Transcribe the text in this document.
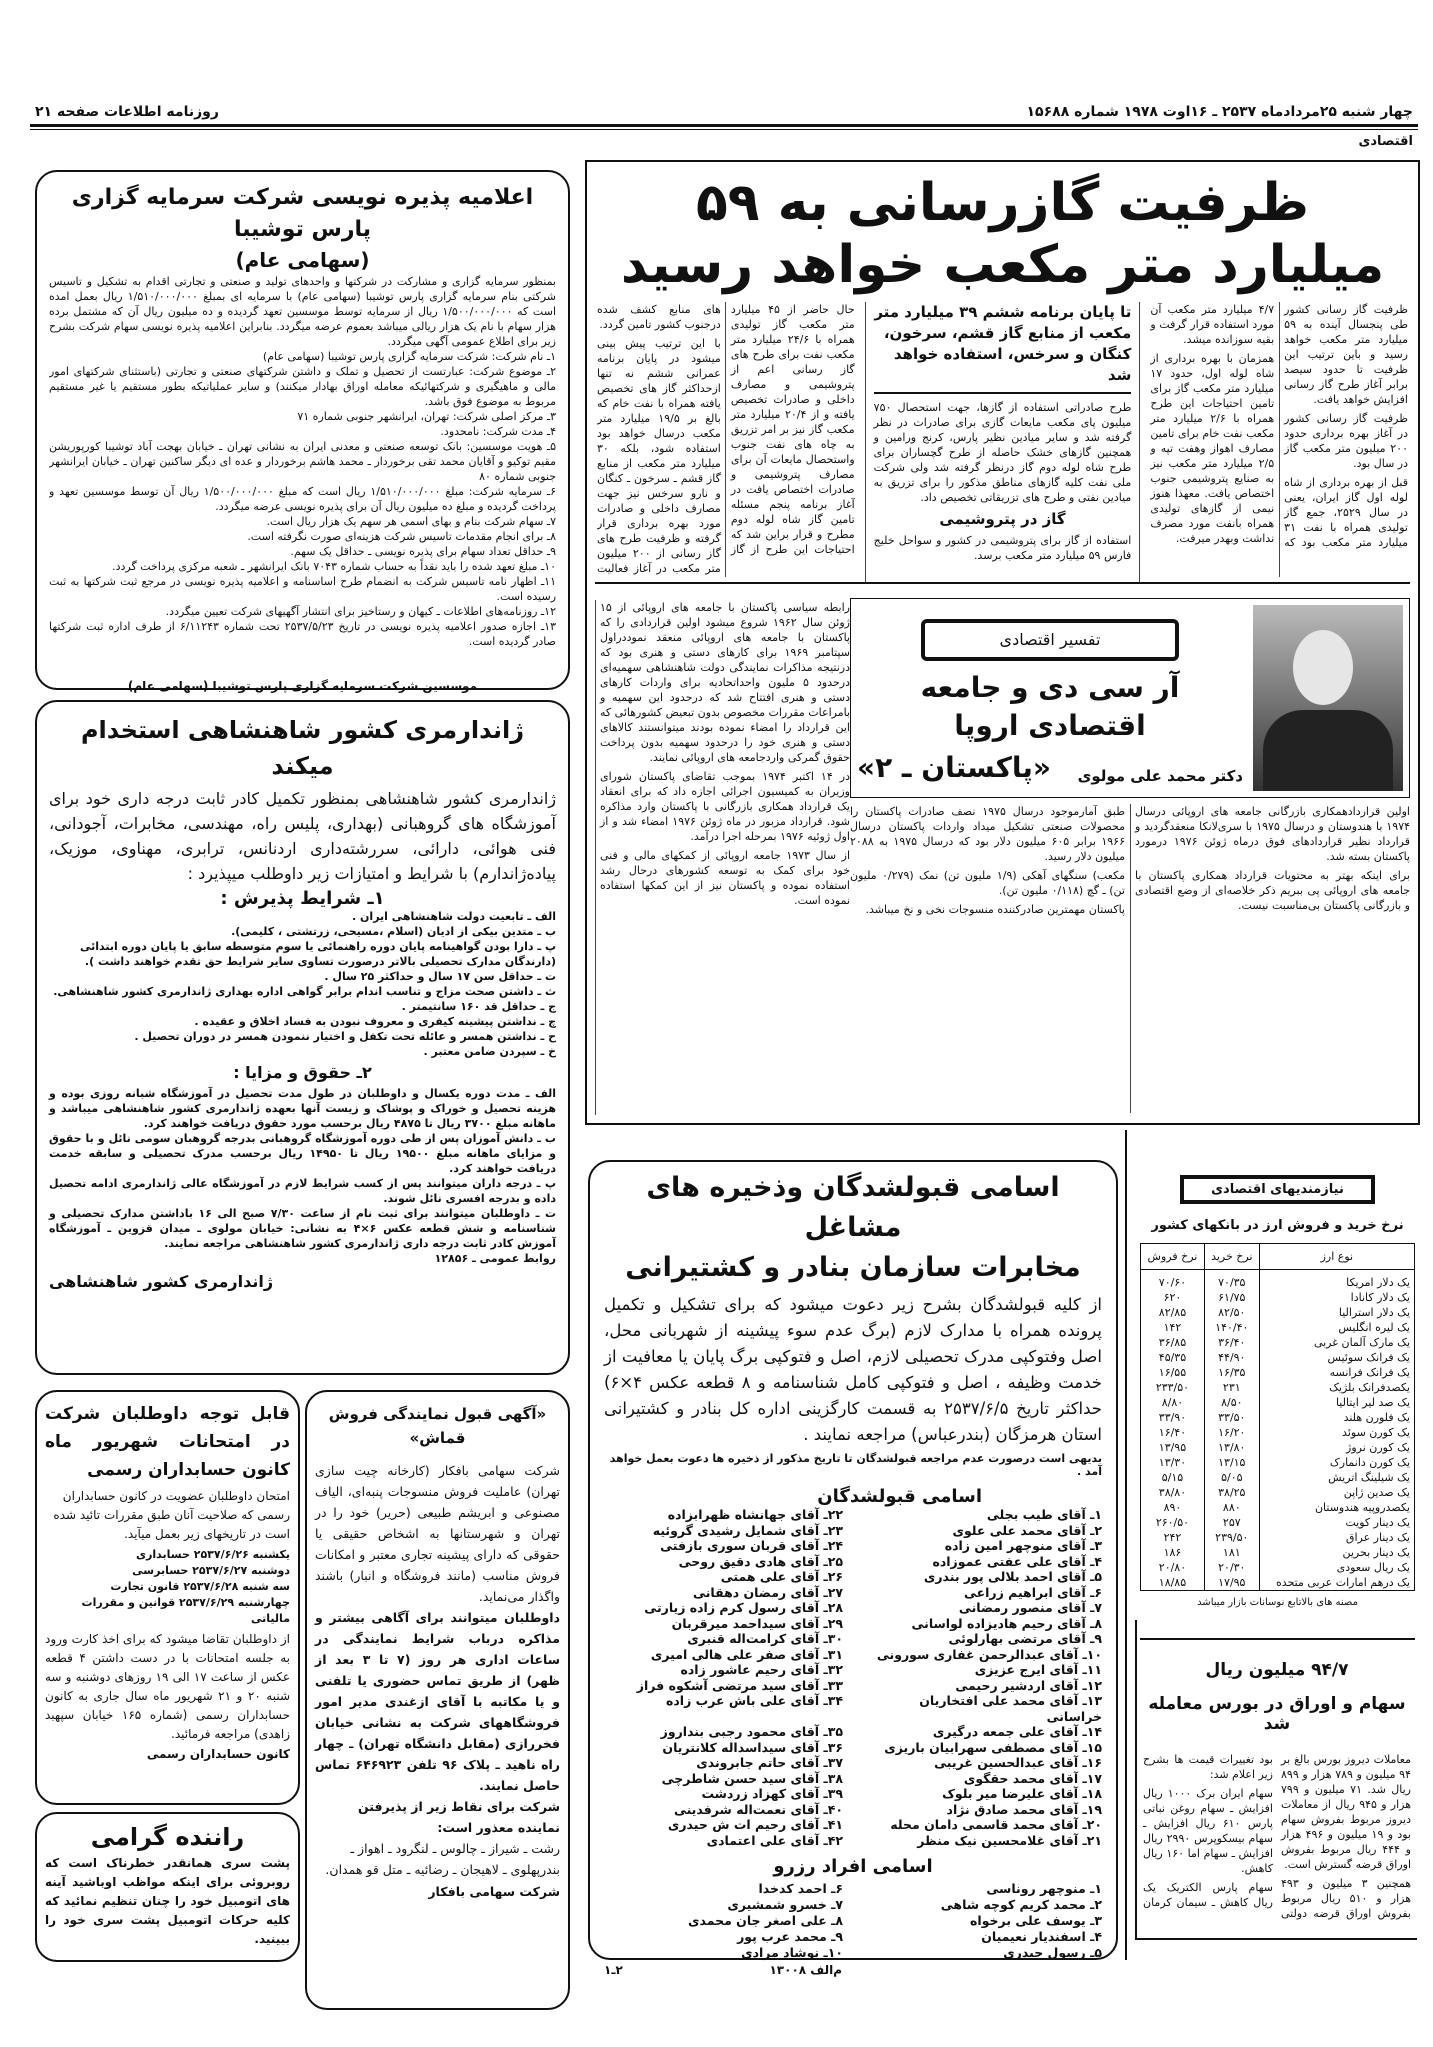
چهار شنبه ۲۵مرداد‌ماه ۲۵۳۷ ـ ۱۶اوت ۱۹۷۸ شماره ۱۵۶۸۸
روزنامه اطلاعات صفحه ۲۱
اقتصادی
ظرفیت گازرسانی به ۵۹
میلیارد متر مکعب خواهد رسید

ظرفیت گاز رسانی کشور طی پنجسال آینده به ۵۹ میلیارد متر مکعب خواهد رسید و باین ترتیب این ظرفیت تا حدود سیصد برابر آغاز طرح گاز رسانی افزایش خواهد یافت.

ظرفیت گاز رسانی کشور در آغاز بهره برداری حدود ۲۰۰ میلیون متر مکعب گاز در سال بود.

قبل از بهره برداری از شاه لوله اول گاز ایران، یعنی در سال ۲۵۲۹، جمع گاز تولیدی همراه با نفت ۳۱ میلیارد متر مکعب بود که ۴/۷ میلیارد متر مکعب آن مورد استفاده قرار گرفت و بقیه سوزانده میشد.

همزمان با بهره برداری از شاه لوله اول، حدود ۱۷ میلیارد متر مکعب گاز برای تامین احتیاجات این طرح همراه با ۲/۶ میلیارد متر مکعب نفت خام برای تامین مصارف اهواز وهفت تپه و ۲/۵ میلیارد متر مکعب نیز به صنایع پتروشیمی جنوب اختصاص یافت. معهذا هنوز نیمی از گازهای تولیدی همراه بانفت مورد مصرف نداشت وبهدر میرفت.

تا پایان برنامه ششم ۳۹ میلیارد متر مکعب از منابع گاز قشم، سرخون، کنگان و سرخس، استفاده خواهد شد

طرح صادراتی استفاده از گازها، جهت استحصال ۷۵۰ میلیون پای مکعب مایعات گازی برای صادرات در نظر گرفته شد و سایر میادین نظیر پارس، کرنج ورامین و همچنین گازهای خشک حاصله از طرح گچساران برای طرح شاه لوله دوم گاز درنظر گرفته شد ولی شرکت ملی نفت کلیه گازهای مناطق مذکور را برای تزریق به میادین نفتی و طرح های تزریقاتی تخصیص داد.

گاز در پتروشیمی

استفاده از گاز برای پتروشیمی در کشور و سواحل خلیج فارس ۵۹ میلیارد متر مکعب برسد.

حال حاضر از ۴۵ میلیارد متر مکعب گاز تولیدی همراه با ۲۴/۶ میلیارد متر مکعب نفت برای طرح های گاز رسانی اعم از پتروشیمی و مصارف داخلی و صادرات تخصیص یافته و از ۲۰/۴ میلیارد متر مکعب گاز نیز بر امر تزریق به چاه های نفت جنوب واستحصال مایعات آن برای مصارف پتروشیمی و صادرات اختصاص یافت در آغاز برنامه پنجم مسئله تامین گاز شاه لوله دوم مطرح و قرار براین شد که احتیاجات این طرح از گاز های منابع کشف شده درجنوب کشور تامین گردد.

با این ترتیب پیش بینی میشود در پایان برنامه عمرانی ششم نه تنها ازحداکثر گاز های تخصیص یافته همراه با نفت خام که بالغ بر ۱۹/۵ میلیارد متر مکعب درسال خواهد بود استفاده شود، بلکه ۳۰ میلیارد متر مکعب از منابع گاز قشم ـ سرخون ـ کنگان و نارو سرخس نیز جهت مصارف داخلی و صادرات مورد بهره برداری قرار گرفته و ظرفیت طرح های گاز رسانی از ۲۰۰ میلیون متر مکعب در آغاز فعالیت

تفسیر اقتصادی
آر سی دی و جامعه اقتصادی اروپا
دکتر محمد علی مولوی
«پاکستان ـ ۲»

اولین قراردادهمکاری بازرگانی جامعه های اروپائی درسال ۱۹۷۴ با هندوستان و درسال ۱۹۷۵ با سری‌لانکا منعقدگردید و قرارداد نظیر قراردادهای فوق درماه ژوئن ۱۹۷۶ درمورد پاکستان بسته شد.

برای اینکه بهتر به محتویات قرارداد همکاری پاکستان با جامعه های اروپائی پی ببریم ذکر خلاصه‌ای از وضع اقتصادی و بازرگانی پاکستان بی‌مناسبت نیست.

طبق آمارموجود درسال ۱۹۷۵ نصف صادرات پاکستان را محصولات صنعتی تشکیل میداد واردات پاکستان درسال ۱۹۶۶ برابر ۶۰۵ میلیون دلار بود که درسال ۱۹۷۵ به ۲۰۸۸ میلیون دلار رسید.

مکعب) سنگهای آهکی (۱/۹ ملیون تن) نمک (۰/۲۷۹ ملیون تن) ـ گچ (۰/۱۱۸ ملیون تن).

پاکستان مهمترین صادرکننده منسوجات نخی و نخ میباشد.

رابطه سیاسی پاکستان با جامعه های اروپائی از ۱۵ ژوئن سال ۱۹۶۲ شروع میشود اولین قراردادی را که پاکستان با جامعه های اروپائی منعقد نموددراول سپتامبر ۱۹۶۹ برای کارهای دستی و هنری بود که درنتیجه مذاکرات نمایندگی دولت شاهنشاهی سهمیه‌ای درحدود ۵ ملیون واحداتحادیه برای واردات کارهای دستی و هنری افتتاح شد که درحدود این سهمیه و بامراعات مقررات مخصوص بدون تبعیض کشورهائی که این قرارداد را امضاء نموده بودند میتوانستند کالاهای دستی و هنری خود را درحدود سهمیه بدون پرداخت حقوق گمرکی واردجامعه های اروپائی نمایند.

در ۱۴ اکتبر ۱۹۷۴ بموجب تقاضای پاکستان شورای وزیران به کمیسیون اجرائی اجازه داد که برای انعقاد یک قرارداد همکاری بازرگانی با پاکستان وارد مذاکره شود. قرارداد مزبور در ماه ژوئن ۱۹۷۶ امضاء شد و از اول ژوئیه ۱۹۷۶ بمرحله اجرا درآمد.

از سال ۱۹۷۳ جامعه اروپائی از کمکهای مالی و فنی خود برای کمک به توسعه کشورهای درحال رشد استفاده نموده و پاکستان نیز از این کمکها استفاده نموده است.

اعلامیه پذیره نویسی شرکت سرمایه گزاری پارس توشیبا
(سهامی عام)

بمنظور سرمایه گزاری و مشارکت در شرکتها و واحدهای تولید و صنعتی و تجارتی اقدام به تشکیل و تاسیس شرکتی بنام سرمایه گزاری پارس توشیبا (سهامی عام) با سرمایه ای بمبلغ ۱/۵۱۰/۰۰۰/۰۰۰ ریال بعمل امده است که ۱/۵۰۰/۰۰۰/۰۰۰ ریال از سرمایه توسط موسسین تعهد گردیده و ده میلیون ریال آن که مشتمل برده هزار سهام با نام یک هزار ریالی میباشد بعموم عرضه میگردد. بنابراین اعلامیه پذیره نویسی سهام شرکت بشرح زیر برای اطلاع عمومی آگهی میگردد.

۱ـ نام شرکت: شرکت سرمایه گزاری پارس توشیبا (سهامی عام)

۲ـ موضوع شرکت: عبارتست از تحصیل و تملک و داشتن شرکتهای صنعتی و تجارتی (باستثنای شرکتهای امور مالی و ماهیگیری و شرکتهائیکه معامله اوراق بهادار میکنند) و سایر عملیاتیکه بطور مستقیم یا غیر مستقیم مربوط به موضوع فوق باشد.

۳ـ مرکز اصلی شرکت: تهران، ایرانشهر جنوبی شماره ۷۱

۴ـ مدت شرکت: نامحدود.

۵ـ هویت موسسین: بانک توسعه صنعتی و معدنی ایران به نشانی تهران ـ خیابان بهجت آباد توشیبا کورپوریشن مقیم توکیو و آقایان محمد تقی برخوردار ـ محمد هاشم برخوردار و عده ای دیگر ساکنین تهران ـ خیابان ایرانشهر جنوبی شماره ۸۰

۶ـ سرمایه شرکت: مبلغ ۱/۵۱۰/۰۰۰/۰۰۰ ریال است که مبلغ ۱/۵۰۰/۰۰۰/۰۰۰ ریال آن توسط موسسین تعهد و پرداخت گردیده و مبلغ ده میلیون ریال آن برای پذیره نویسی عرضه میگردد.

۷ـ سهام شرکت بنام و بهای اسمی هر سهم یک هزار ریال است.

۸ـ برای انجام مقدمات تاسیس شرکت هزینه‌ای صورت نگرفته است.

۹ـ حداقل تعداد سهام برای پذیره نویسی ـ حداقل یک سهم.

۱۰ـ مبلغ تعهد شده را باید نقداً به حساب شماره ۷۰۴۳ بانک ایرانشهر ـ شعبه مرکزی پرداخت گردد.

۱۱ـ اظهار نامه تاسیس شرکت به انضمام طرح اساسنامه و اعلامیه پذیره نویسی در مرجع ثبت شرکتها به ثبت رسیده است.

۱۲ـ روزنامه‌های اطلاعات ـ کیهان و رستاخیز برای انتشار آگهیهای شرکت تعیین میگردد.

۱۳ـ اجازه صدور اعلامیه پذیره نویسی در تاریخ ۲۵۳۷/۵/۲۳ تحت شماره ۶/۱۱۲۴۳ از طرف اداره ثبت شرکتها صادر گردیده است.

موسسین شرکت سرمایه گزاری پارس توشیبا (سهامی عام)
ژاندارمری کشور شاهنشاهی استخدام میکند

ژاندارمری کشور شاهنشاهی بمنظور تکمیل کادر ثابت درجه داری خود برای آموزشگاه های گروهبانی (بهداری، پلیس راه، مهندسی، مخابرات، آجودانی، فنی هوائی، دارائی، سررشته‌داری اردنانس، ترابری، مهناوی، موزیک، پیاده‌ژاندارم) با شرایط و امتیازات زیر داوطلب میپذیرد :

۱ـ شرایط پذیرش :
الف ـ تابعیت دولت شاهنشاهی ایران .
ب ـ متدین بیکی از ادیان (اسلام ،مسیحی، زرتشتی ، کلیمی).
پ ـ دارا بودن گواهینامه پایان دوره راهنمائی یا سوم متوسطه سابق یا پایان دوره ابتدائی (دارندگان مدارک تحصیلی بالاتر درصورت تساوی سایر شرایط حق تقدم خواهند داشت ).
ت ـ حداقل سن ۱۷ سال و حداکثر ۲۵ سال .
ث ـ داشتن صحت مزاج و تناسب اندام برابر گواهی اداره بهداری ژاندارمری کشور شاهنشاهی.
ج ـ حداقل قد ۱۶۰ سانتیمتر .
چ ـ نداشتن پیشینه کیفری و معروف نبودن به فساد اخلاق و عقیده .
ح ـ نداشتن همسر و عائله تحت تکفل و اختیار ننمودن همسر در دوران تحصیل .
خ ـ سپردن ضامن معتبر .
۲ـ حقوق و مزایا :
الف ـ مدت دوره یکسال و داوطلبان در طول مدت تحصیل در آموزشگاه شبانه روزی بوده و هزینه تحصیل و خوراک و پوشاک و زیست آنها بعهده ژاندارمری کشور شاهنشاهی میباشد و ماهانه مبلغ ۳۷۰۰ ریال تا ۴۸۷۵ ریال برحسب مورد حقوق دریافت خواهند کرد.
ب ـ دانش آموزان پس از طی دوره آموزشگاه گروهبانی بدرجه گروهبان سومی نائل و با حقوق و مزایای ماهانه مبلغ ۱۹۵۰۰ ریال تا ۱۴۹۵۰ ریال برحسب مدرک تحصیلی و سابقه خدمت دریافت خواهند کرد.
پ ـ درجه داران میتوانند پس از کسب شرایط لازم در آموزشگاه عالی ژاندارمری ادامه تحصیل داده و بدرجه افسری نائل شوند.
ت ـ داوطلبان میتوانند برای ثبت نام از ساعت ۷/۳۰ صبح الی ۱۶ باداشتن مدارک تحصیلی و شناسنامه و شش قطعه عکس ۶×۴ به نشانی: خیابان مولوی ـ میدان قزوین ـ آموزشگاه آموزش کادر ثابت درجه داری ژاندارمری کشور شاهنشاهی مراجعه نمایند.
روابط عمومی ـ ۱۲۸۵۶
ژاندارمری کشور شاهنشاهی
قابل توجه داوطلبان شرکت در امتحانات شهریور ماه کانون حسابداران رسمی

امتحان داوطلبان عضویت در کانون حسابداران رسمی که صلاحیت آنان طبق مقررات تائید شده است در تاریخهای زیر بعمل میآید.

یکشنبه ۲۵۳۷/۶/۲۶ حسابداری
دوشنبه ۲۵۳۷/۶/۲۷ حسابرسی
سه شنبه ۲۵۳۷/۶/۲۸ قانون تجارت
چهارشنبه ۲۵۳۷/۶/۲۹ قوانین و مقررات مالیاتی

از داوطلبان تقاضا میشود که برای اخذ کارت ورود به جلسه امتحانات با در دست داشتن ۴ قطعه عکس از ساعت ۱۷ الی ۱۹ روزهای دوشنبه و سه شنبه ۲۰ و ۲۱ شهریور ماه سال جاری به کانون حسابداران رسمی (شماره ۱۶۵ خیابان سپهبد زاهدی) مراجعه فرمائید.

کانون حسابداران رسمی
راننده گرامی

پشت سری همانقدر خطرناک است که روبروئی برای اینکه مواظب اوباشید آینه های اتومبیل خود را چنان تنظیم نمائید که کلیه حرکات اتومبیل پشت سری خود را ببینید.

«آگهی قبول نمایندگی فروش قماش»

شرکت سهامی بافکار (کارخانه چیت سازی تهران) عاملیت فروش منسوجات پنبه‌ای، الیاف مصنوعی و ابریشم طبیعی (حریر) خود را در تهران و شهرستانها به اشخاص حقیقی یا حقوقی که دارای پیشینه تجاری معتبر و امکانات فروش مناسب (مانند فروشگاه و انبار) باشند واگذار می‌نماید.

داوطلبان میتوانند برای آگاهی بیشتر و مذاکره درباب شرایط نمایندگی در ساعات اداری هر روز (۷ تا ۳ بعد از ظهر) از طریق تماس حضوری یا تلفنی و یا مکاتبه با آقای ازغندی مدیر امور فروشگاههای شرکت به نشانی خیابان فخررازی (مقابل دانشگاه تهران) ـ چهار راه ناهید ـ پلاک ۹۶ تلفن ۶۴۶۹۲۳ تماس حاصل نمایند.

شرکت برای نقاط زیر از پذیرفتن نماینده معذور است:

رشت ـ شیراز ـ چالوس ـ لنگرود ـ اهواز ـ بندرپهلوی ـ لاهیجان ـ رضائیه ـ متل قو همدان.

شرکت سهامی بافکار
اسامی قبولشدگان وذخیره های مشاغل
مخابرات سازمان بنادر و کشتیرانی

از کلیه قبولشدگان بشرح زیر دعوت میشود که برای تشکیل و تکمیل پرونده همراه با مدارک لازم (برگ عدم سوء پیشینه از شهربانی محل، اصل وفتوکپی مدرک تحصیلی لازم، اصل و فتوکپی برگ پایان یا معافیت از خدمت وظیفه ، اصل و فتوکپی کامل شناسنامه و ۸ قطعه عکس ۴×۶) حداکثر تاریخ ۲۵۳۷/۶/۵ به قسمت کارگزینی اداره کل بنادر و کشتیرانی استان هرمزگان (بندرعباس) مراجعه نمایند .

بدیهی است درصورت عدم مراجعه قبولشدگان تا تاریخ مذکور از ذخیره ها دعوت بعمل خواهد آمد .

اسامی قبولشدگان
۱ـ آقای طیب بجلی
۲ـ آقای محمد علی علوی
۳ـ آقای منوچهر امین زاده
۴ـ آقای علی عفتی عموزاده
۵ـ آقای احمد بلالی پور بندری
۶ـ آقای ابراهیم زراعی
۷ـ آقای منصور رمضانی
۸ـ آقای رحیم هادیزاده لواسانی
۹ـ آقای مرتضی بهارلوئی
۱۰ـ آقای عبدالرحمن غفاری سورونی
۱۱ـ آقای ایرج عزیزی
۱۲ـ آقای اردشیر رحیمی
۱۳ـ آقای محمد علی افتخاریان خراسانی
۱۴ـ آقای علی جمعه درگیری
۱۵ـ آقای مصطفی سهرابیان باریزی
۱۶ـ آقای عبدالحسین غریبی
۱۷ـ آقای محمد حقگوی
۱۸ـ آقای علیرضا میر بلوک
۱۹ـ آقای محمد صادق نژاد
۲۰ـ آقای محمد قاسمی دامان محله
۲۱ـ آقای غلامحسین نیک منظر
۲۲ـ آقای جهانشاه ظهرابزاده
۲۳ـ آقای شمایل رشیدی گروئیه
۲۴ـ آقای قربان سوری بازفتی
۲۵ـ آقای هادی دقیق روحی
۲۶ـ آقای علی همتی
۲۷ـ آقای رمضان دهقانی
۲۸ـ آقای رسول کرم زاده زیارتی
۲۹ـ آقای سیداحمد میرقربان
۳۰ـ آقای کرامت‌اله قنبری
۳۱ـ آقای صفر علی هالی امیری
۳۲ـ آقای رحیم عاشور زاده
۳۳ـ آقای سید مرتضی آشکوه فراز
۳۴ـ آقای علی باش عرب زاده
۳۵ـ آقای محمود رجبی بنداروز
۳۶ـ آقای سیداسداله کلانتریان
۳۷ـ آقای حاتم جابروندی
۳۸ـ آقای سید حسن شاطرچی
۳۹ـ آقای کهزاد زردشت
۴۰ـ آقای نعمت‌اله شرفدینی
۴۱ـ آقای رحیم ات ش حیدری
۴۲ـ آقای علی اعتمادی
اسامی افراد رزرو
۱ـ منوچهر روناسی
۲ـ محمد کریم کوچه شاهی
۳ـ یوسف علی برخواه
۴ـ اسفندیار نعیمیان
۵ـ رسول حیدری
۶ـ احمد کدخدا
۷ـ خسرو شمشیری
۸ـ علی اصغر جان محمدی
۹ـ محمد عرب پور
۱۰ـ نوشاد مرادی
م‌الف ۱۳۰۰۸
۲ـ۱
نیازمندیهای اقتصادی
نرخ خرید و فروش ارز در بانکهای کشور
نوع ارز	نرخ خرید	نرخ فروش
یک دلار امریکا	۷۰/۳۵	۷۰/۶۰
یک دلار کانادا	۶۱/۷۵	۶۲۰
یک دلار استرالیا	۸۲/۵۰	۸۲/۸۵
یک لیره انگلیس	۱۴۰/۴۰	۱۴۲
یک مارک آلمان غربی	۳۶/۴۰	۳۶/۸۵
یک فرانک سوئیس	۴۴/۹۰	۴۵/۳۵
یک فرانک فرانسه	۱۶/۳۵	۱۶/۵۵
یکصدفرانک بلژیک	۲۳۱	۲۳۳/۵۰
یک صد لیر ایتالیا	۸/۵۰	۸/۸۰
یک فلورن هلند	۳۳/۵۰	۳۳/۹۰
یک کورن سوئد	۱۶/۲۰	۱۶/۴۰
یک کورن نروژ	۱۳/۸۰	۱۳/۹۵
یک کورن دانمارک	۱۳/۱۵	۱۳/۳۰
یک شیلینگ اتریش	۵/۰۵	۵/۱۵
یک صدین ژاپن	۳۸/۲۵	۳۸/۸۰
یکصدروپیه هندوستان	۸۸۰	۸۹۰
یک دینار کویت	۲۵۷	۲۶۰/۵۰
یک دینار عراق	۲۳۹/۵۰	۲۴۲
یک دینار بحرین	۱۸۱	۱۸۶
یک ریال سعودی	۲۰/۳۰	۲۰/۸۰
یک درهم امارات عربی متحده	۱۷/۹۵	۱۸/۸۵
مصنه های بالاتابع نوسانات بازار میباشد
۹۴/۷ میلیون ریال
سهام و اوراق در بورس معامله شد

معاملات دیروز بورس بالغ بر ۹۴ میلیون و ۷۸۹ هزار و ۸۹۹ ریال شد. ۷۱ میلیون و ۷۹۹ هزار و ۹۴۵ ریال از معاملات دیروز مربوط بفروش سهام بود و ۱۹ میلیون و ۴۹۶ هزار و ۴۴۴ ریال مربوط بفروش اوراق قرضه گسترش است.

همچنین ۳ میلیون و ۴۹۳ هزار و ۵۱۰ ریال مربوط بفروش اوراق قرضه دولتی بود تغییرات قیمت ها بشرح زیر اعلام شد:

سهام ایران برک ۱۰۰۰ ریال افزایش ـ سهام روغن نباتی پارس ۶۱۰ ریال افزایش ـ سهام بیسکوپرس ۲۹۹۰ ریال افزایش ـ سهام اما ۱۶۰ ریال کاهش.

سهام پارس الکتریک یک ریال کاهش ـ سیمان کرمان
